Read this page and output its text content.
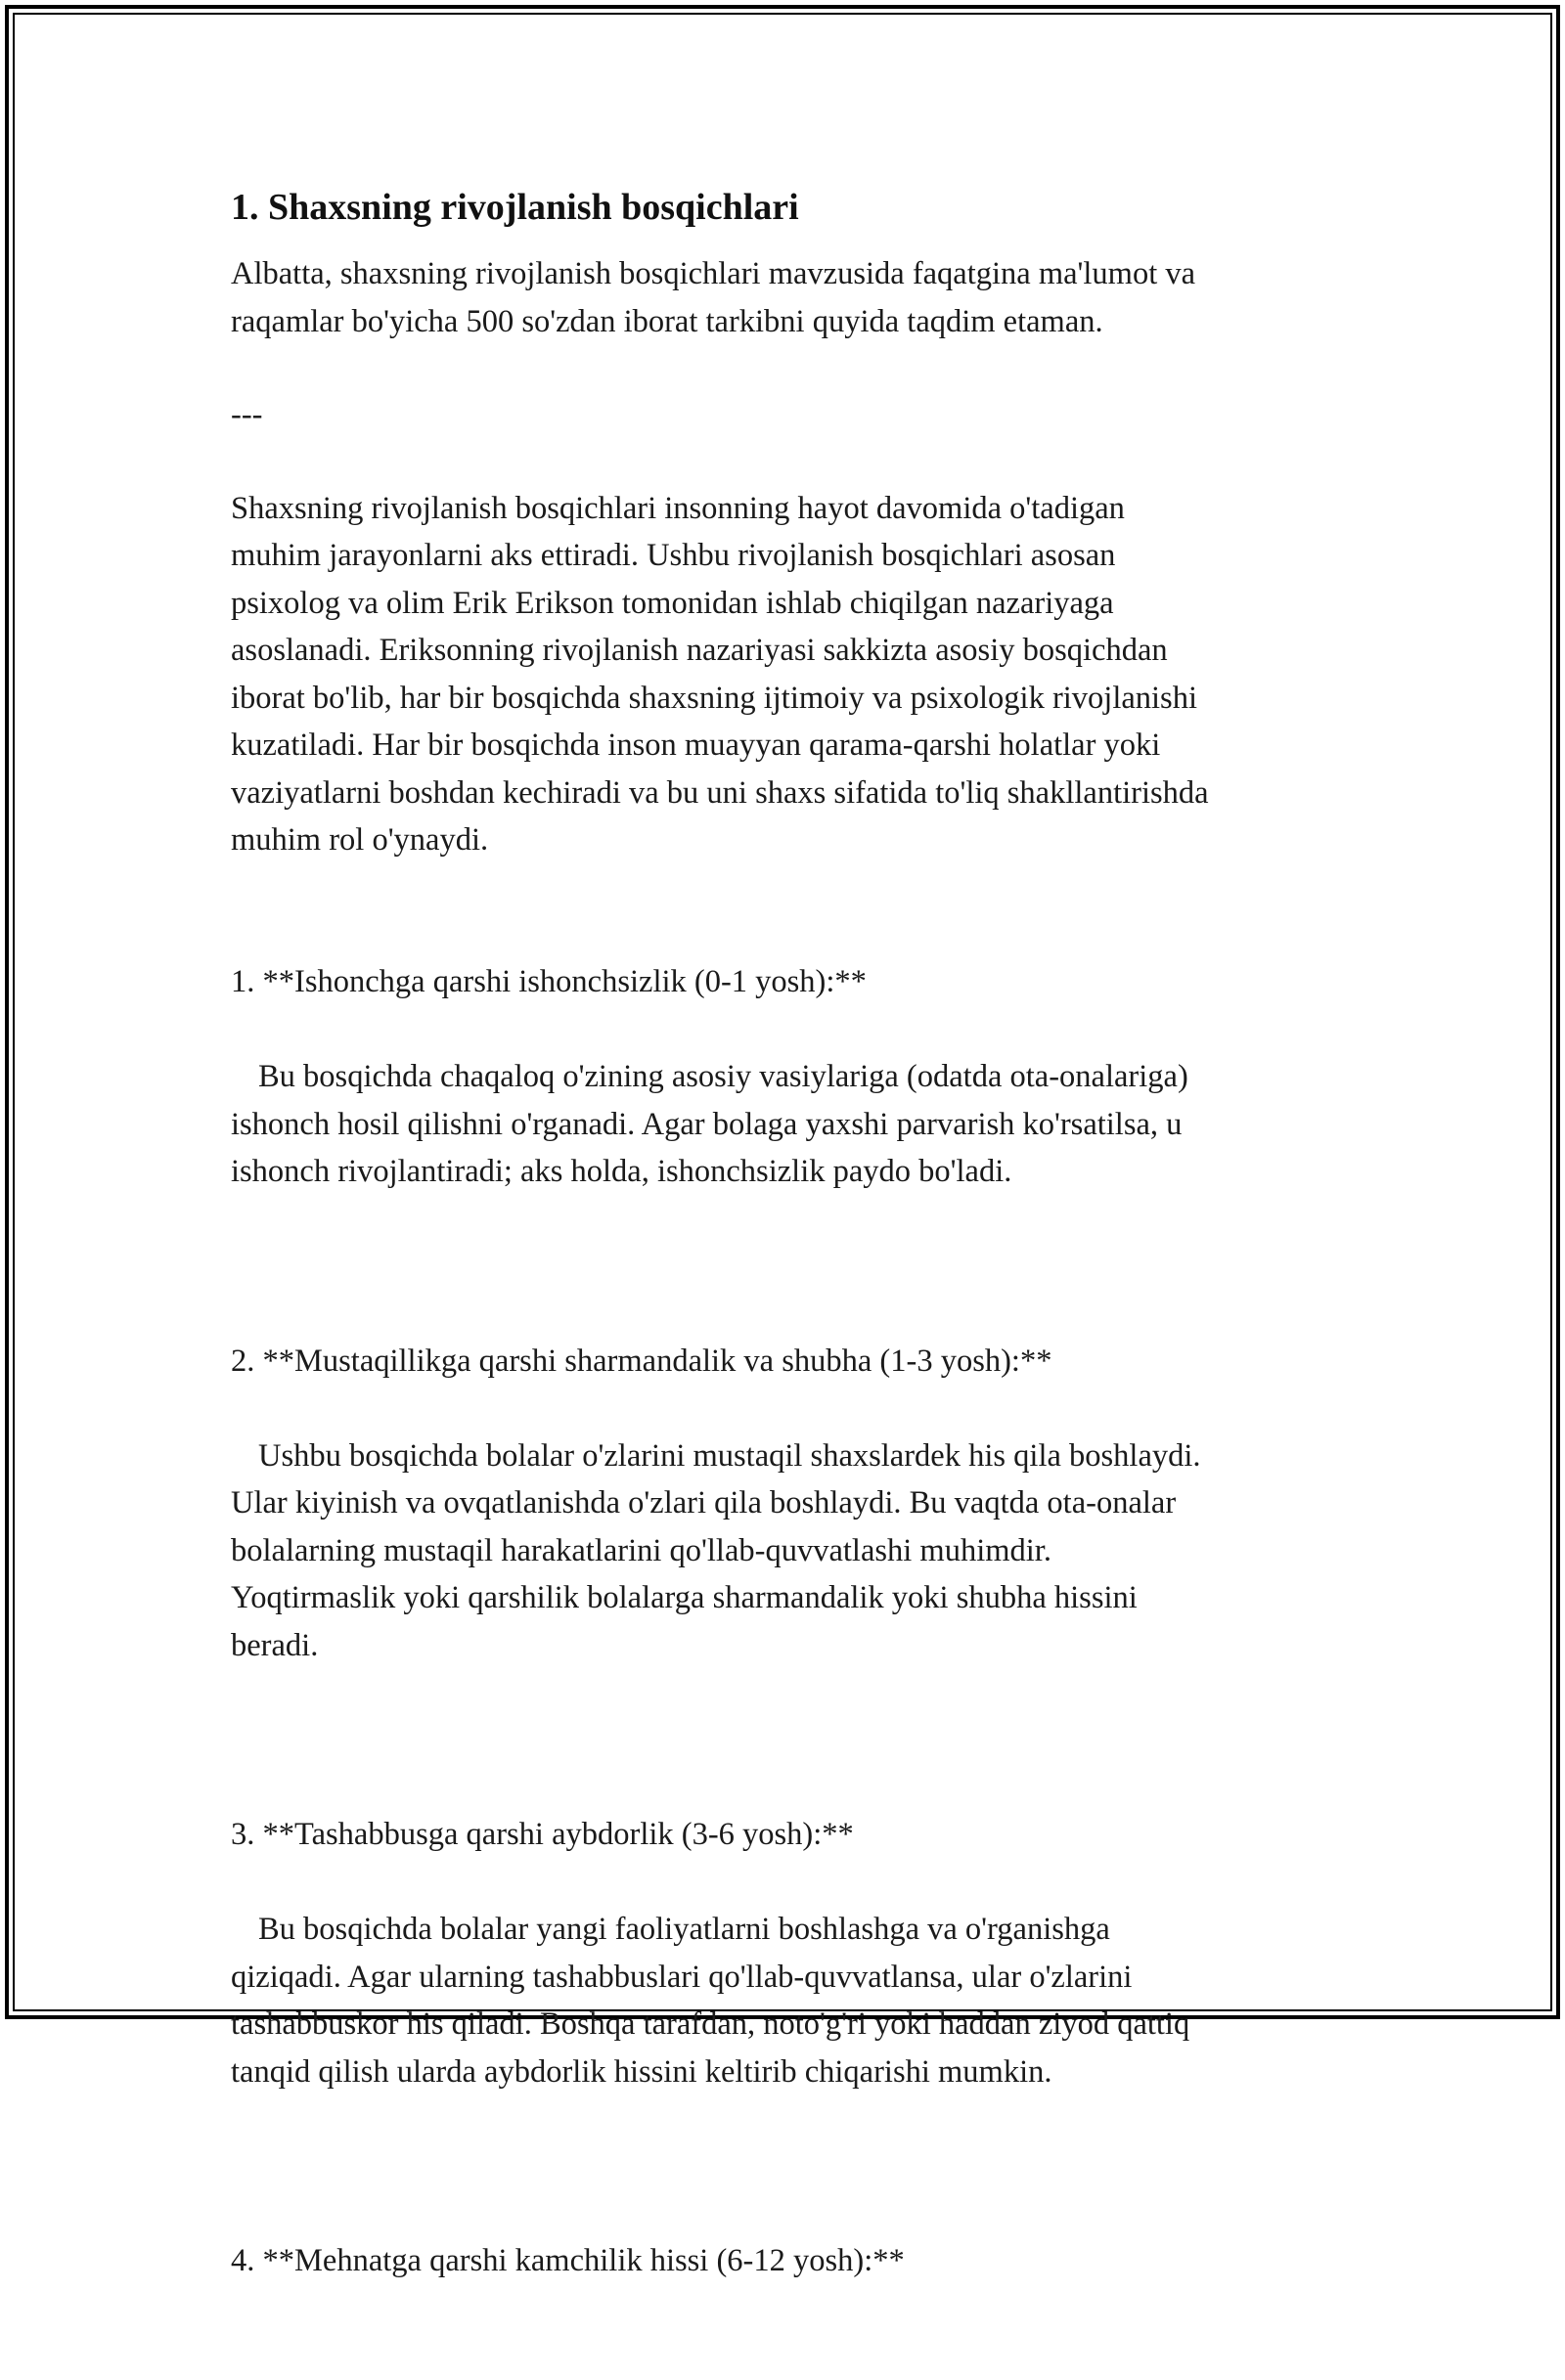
1. Shaxsning rivojlanish bosqichlari

Albatta, shaxsning rivojlanish bosqichlari mavzusida faqatgina ma'lumot va
raqamlar bo'yicha 500 so'zdan iborat tarkibni quyida taqdim etaman.

---

Shaxsning rivojlanish bosqichlari insonning hayot davomida o'tadigan
muhim jarayonlarni aks ettiradi. Ushbu rivojlanish bosqichlari asosan
psixolog va olim Erik Erikson tomonidan ishlab chiqilgan nazariyaga
asoslanadi. Eriksonning rivojlanish nazariyasi sakkizta asosiy bosqichdan
iborat bo'lib, har bir bosqichda shaxsning ijtimoiy va psixologik rivojlanishi
kuzatiladi. Har bir bosqichda inson muayyan qarama-qarshi holatlar yoki
vaziyatlarni boshdan kechiradi va bu uni shaxs sifatida to'liq shakllantirishda
muhim rol o'ynaydi.

1. **Ishonchga qarshi ishonchsizlik (0-1 yosh):**

Bu bosqichda chaqaloq o'zining asosiy vasiylariga (odatda ota-onalariga)
ishonch hosil qilishni o'rganadi. Agar bolaga yaxshi parvarish ko'rsatilsa, u
ishonch rivojlantiradi; aks holda, ishonchsizlik paydo bo'ladi.

2. **Mustaqillikga qarshi sharmandalik va shubha (1-3 yosh):**

Ushbu bosqichda bolalar o'zlarini mustaqil shaxslardek his qila boshlaydi.
Ular kiyinish va ovqatlanishda o'zlari qila boshlaydi. Bu vaqtda ota-onalar
bolalarning mustaqil harakatlarini qo'llab-quvvatlashi muhimdir.
Yoqtirmaslik yoki qarshilik bolalarga sharmandalik yoki shubha hissini
beradi.

3. **Tashabbusga qarshi aybdorlik (3-6 yosh):**

Bu bosqichda bolalar yangi faoliyatlarni boshlashga va o'rganishga
qiziqadi. Agar ularning tashabbuslari qo'llab-quvvatlansa, ular o'zlarini
tashabbuskor his qiladi. Boshqa tarafdan, noto'g'ri yoki haddan ziyod qattiq
tanqid qilish ularda aybdorlik hissini keltirib chiqarishi mumkin.

4. **Mehnatga qarshi kamchilik hissi (6-12 yosh):**
